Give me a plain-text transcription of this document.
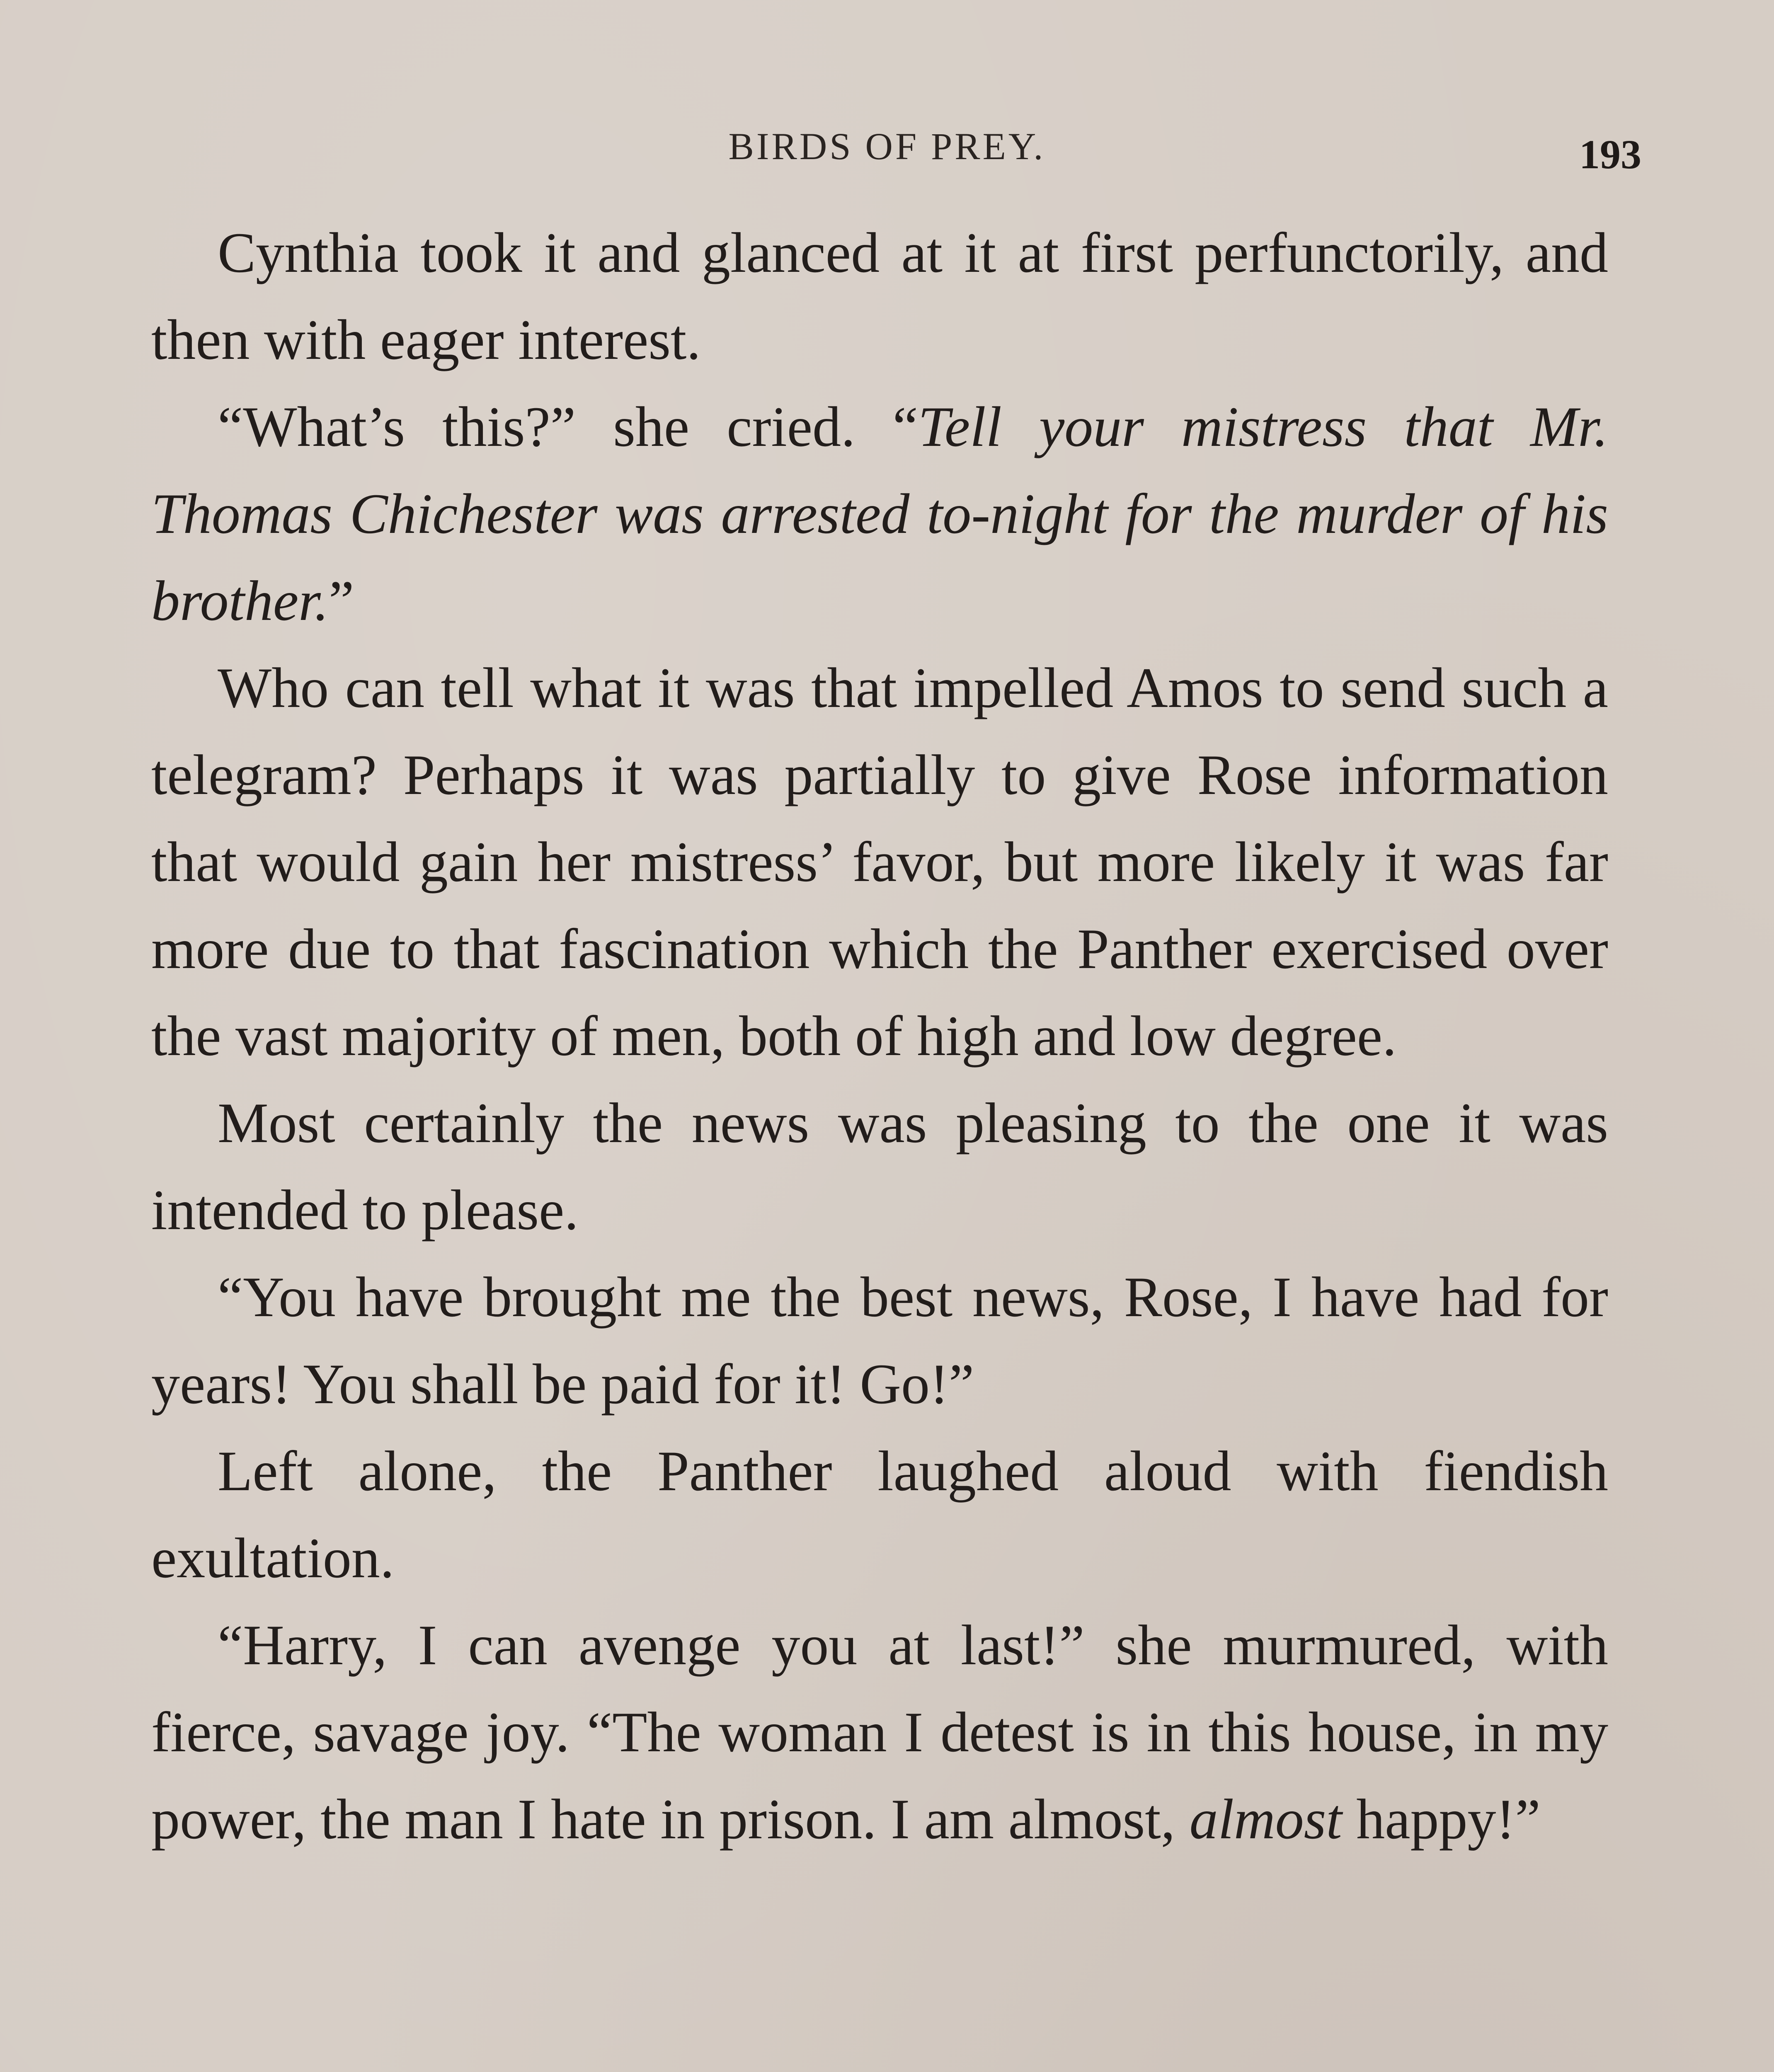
BIRDS OF PREY.	193

Cynthia took it and glanced at it at first perfunctorily, and then with eager interest.

“What’s this?” she cried. “Tell your mistress that Mr. Thomas Chichester was arrested to-night for the murder of his brother.”

Who can tell what it was that impelled Amos to send such a telegram? Perhaps it was partially to give Rose information that would gain her mistress’ favor, but more likely it was far more due to that fascination which the Panther exercised over the vast majority of men, both of high and low degree.

Most certainly the news was pleasing to the one it was intended to please.

“You have brought me the best news, Rose, I have had for years! You shall be paid for it! Go!”

Left alone, the Panther laughed aloud with fiendish exultation.

“Harry, I can avenge you at last!” she murmured, with fierce, savage joy. “The woman I detest is in this house, in my power, the man I hate in prison. I am almost, almost happy!”
